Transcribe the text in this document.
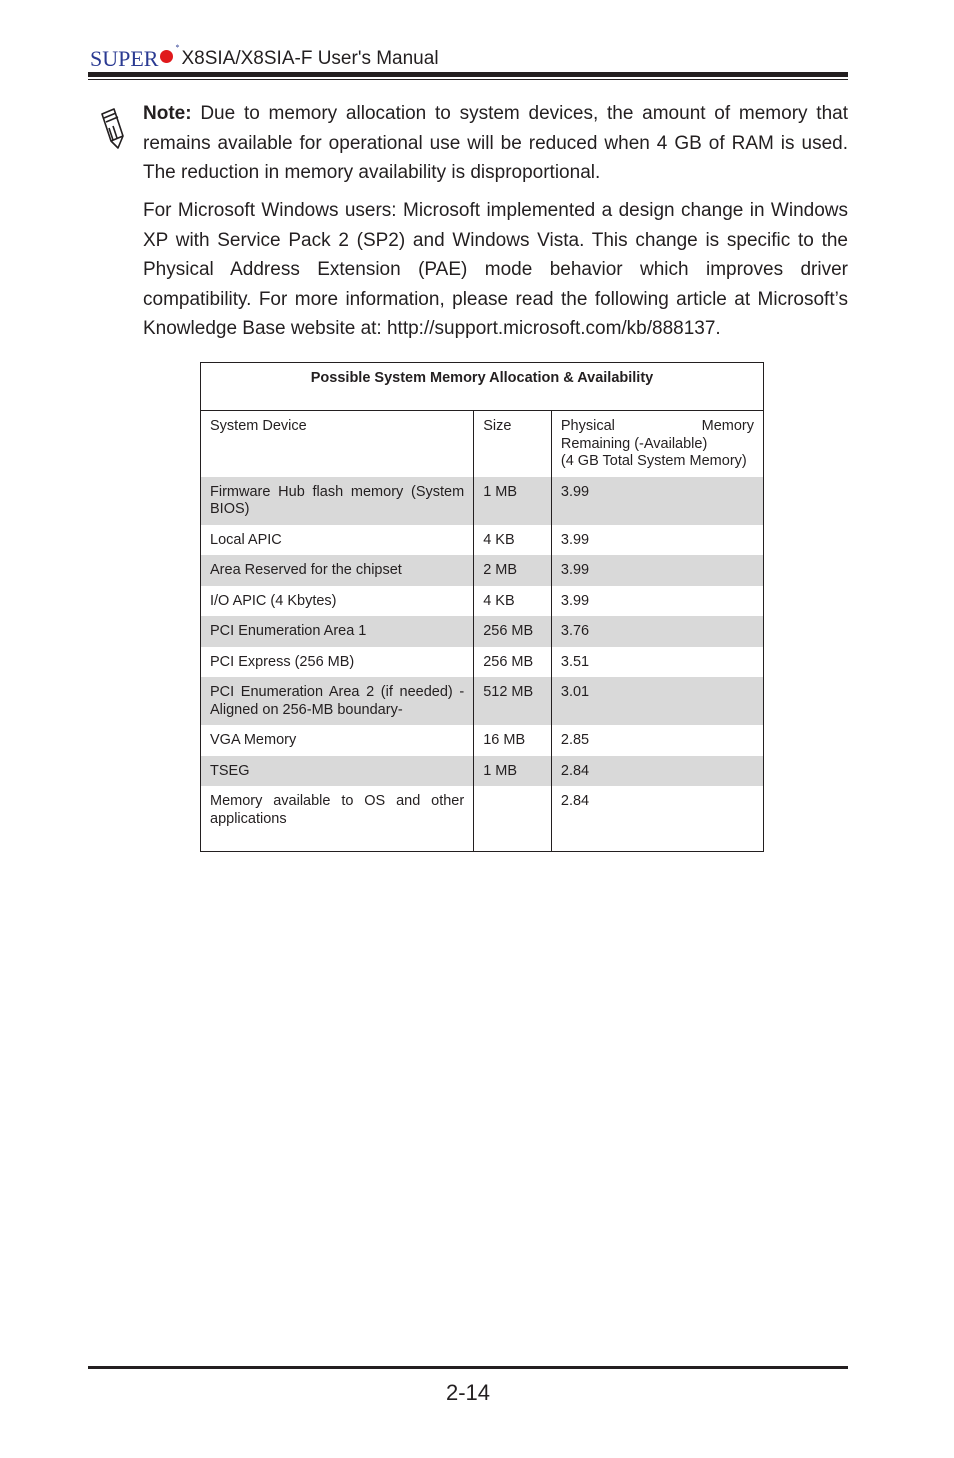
SUPER *
X8SIA/X8SIA-F User's Manual

Note: Due to memory allocation to system devices, the amount of memory that remains available for operational use will be reduced when 4 GB of RAM is used. The reduction in memory availability is disproportional.

For Microsoft Windows users: Microsoft implemented a design change in Windows XP with Service Pack 2 (SP2) and Windows Vista. This change is specific to the Physical Address Extension (PAE) mode behavior which improves driver compatibility. For more information, please read the following article at Microsoft’s Knowledge Base website at: http://support.microsoft.com/kb/888137.

Possible System Memory Allocation & Availability		
System Device	Size	Physical Memory
Remaining (-Available)
(4 GB Total System Memory)

Firmware Hub flash memory (System BIOS)	1 MB	3.99
Local APIC	4 KB	3.99
Area Reserved for the chipset	2 MB	3.99
I/O APIC (4 Kbytes)	4 KB	3.99
PCI Enumeration Area 1	256 MB	3.76
PCI Express (256 MB)	256 MB	3.51
PCI Enumeration Area 2 (if needed) -Aligned on 256-MB boundary-	512 MB	3.01
VGA Memory	16 MB	2.85
TSEG	1 MB	2.84
Memory available to OS and other applications		2.84
2-14
